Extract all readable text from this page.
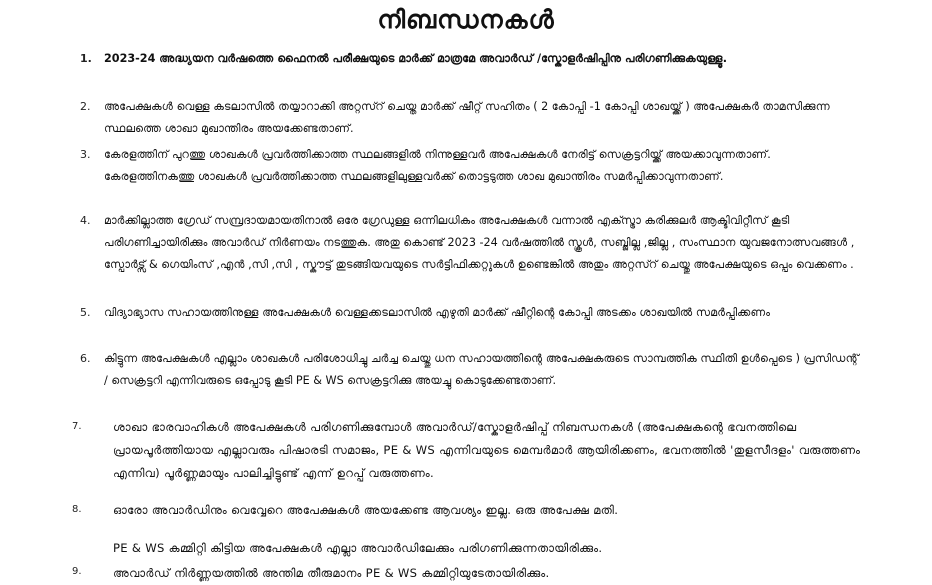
നിബന്ധനകൾ
1. 2023-24 അദ്ധ്യയന വർഷത്തെ ഫൈനൽ പരീക്ഷയുടെ മാർക്ക് മാത്രമേ അവാർഡ് /സ്കോളർഷിപ്പിനു പരിഗണിക്കുകയുള്ളൂ.
2. അപേക്ഷകൾ വെള്ള കടലാസിൽ തയ്യാറാക്കി അറ്റസ്റ് ചെയ്ത മാർക്ക് ഷീറ്റ് സഹിതം ( 2 കോപ്പി -1 കോപ്പി ശാഖയ്ക്ക് ) അപേക്ഷകർ താമസിക്കുന്ന സ്ഥലത്തെ ശാഖാ മുഖാന്തിരം അയക്കേണ്ടതാണ്.
3. കേരളത്തിന് പുറത്തു ശാഖകൾ പ്രവർത്തിക്കാത്ത സ്ഥലങ്ങളിൽ നിന്നുള്ളവർ അപേക്ഷകൾ നേരിട്ട് സെക്രട്ടറിയ്ക്ക് അയക്കാവുന്നതാണ്. കേരളത്തിനകത്തു ശാഖകൾ പ്രവർത്തിക്കാത്ത സ്ഥലങ്ങളിലുള്ളവർക്ക് തൊട്ടടുത്ത ശാഖ മുഖാന്തിരം സമർപ്പിക്കാവുന്നതാണ്.
4. മാർക്കില്ലാത്ത ഗ്രേഡ് സമ്പ്രദായമായതിനാൽ ഒരേ ഗ്രേഡുള്ള ഒന്നിലധികം അപേക്ഷകൾ വന്നാൽ എക്സ്ട്രാ കരിക്കുലർ ആക്ടിവിറ്റീസ് കൂടി പരിഗണിച്ചായിരിക്കും അവാർഡ് നിർണയം നടത്തുക. അതു കൊണ്ട് 2023 -24 വർഷത്തിൽ സ്കൂൾ, സബ്ജില്ല ,ജില്ല , സംസ്ഥാന യുവജനോത്സവങ്ങൾ , സ്പോർട്സ് & ഗെയിംസ് ,എൻ ,സി ,സി , സ്കൗട്ട് തുടങ്ങിയവയുടെ സർട്ടിഫിക്കറ്റുകൾ ഉണ്ടെങ്കിൽ അതും അറ്റസ്റ് ചെയ്തു അപേക്ഷയുടെ ഒപ്പം വെക്കണം .
5. വിദ്യാഭ്യാസ സഹായത്തിനുള്ള അപേക്ഷകൾ വെള്ളക്കടലാസിൽ എഴുതി മാർക്ക് ഷീറ്റിന്റെ കോപ്പി അടക്കം ശാഖയിൽ സമർപ്പിക്കണം
6. കിട്ടുന്ന അപേക്ഷകൾ എല്ലാം ശാഖകൾ പരിശോധിച്ചു ചർച്ച ചെയ്തു ധന സഹായത്തിന്റെ അപേക്ഷകരുടെ സാമ്പത്തിക സ്ഥിതി ഉൾപ്പെടെ ) പ്രസിഡന്റ് / സെക്രട്ടറി എന്നിവരുടെ ഒപ്പോടു കൂടി PE & WS സെക്രട്ടറിക്കു അയച്ചു കൊടുക്കേണ്ടതാണ്.
7.	ശാഖാ ഭാരവാഹികൾ അപേക്ഷകൾ പരിഗണിക്കുമ്പോൾ അവാർഡ്/സ്കോളർഷിപ്പ് നിബന്ധനകൾ (അപേക്ഷകന്റെ ഭവനത്തിലെ പ്രായപൂർത്തിയായ എല്ലാവരും പിഷാരടി സമാജം, PE & WS എന്നിവയുടെ മെമ്പർമാർ ആയിരിക്കണം, ഭവനത്തിൽ 'തുളസീദളം' വരുത്തണം എന്നിവ) പൂർണ്ണമായും പാലിച്ചിട്ടുണ്ട് എന്ന് ഉറപ്പ് വരുത്തണം.
8.	ഓരോ അവാർഡിനും വെവ്വേറെ അപേക്ഷകൾ അയക്കേണ്ട ആവശ്യം ഇല്ല. ഒരു അപേക്ഷ മതി.
PE & WS കമ്മിറ്റി കിട്ടിയ അപേക്ഷകൾ എല്ലാ അവാർഡിലേക്കും പരിഗണിക്കുന്നതായിരിക്കും.
9.	അവാർഡ് നിർണ്ണയത്തിൽ അന്തിമ തീരുമാനം PE & WS കമ്മിറ്റിയുടേതായിരിക്കും.
